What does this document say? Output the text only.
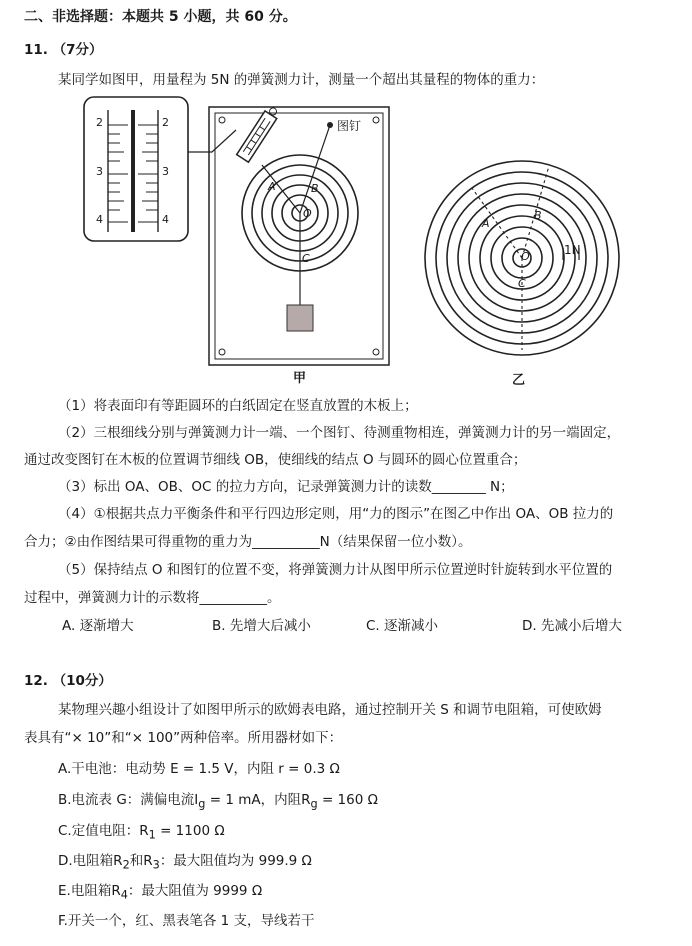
二、非选择题：本题共 5 小题，共 60 分。
11. （7分）
某同学如图甲，用量程为 5N 的弹簧测力计，测量一个超出其量程的物体的重力：
2
3
4
2
3
4
图钉
A	B
O
C
A
B
O
C
1N
甲	乙
（1）将表面印有等距圆环的白纸固定在竖直放置的木板上；
（2）三根细线分别与弹簧测力计一端、一个图钉、待测重物相连，弹簧测力计的另一端固定，
通过改变图钉在木板的位置调节细线 OB，使细线的结点 O 与圆环的圆心位置重合；
（3）标出 OA、OB、OC 的拉力方向，记录弹簧测力计的读数________ N；
（4）①根据共点力平衡条件和平行四边形定则，用“力的图示”在图乙中作出 OA、OB 拉力的
合力；②由作图结果可得重物的重力为__________N（结果保留一位小数）。
（5）保持结点 O 和图钉的位置不变，将弹簧测力计从图甲所示位置逆时针旋转到水平位置的
过程中，弹簧测力计的示数将__________。
A. 逐渐增大	B. 先增大后减小	C. 逐渐减小	D. 先减小后增大
12. （10分）
某物理兴趣小组设计了如图甲所示的欧姆表电路，通过控制开关 S 和调节电阻箱，可使欧姆
表具有“× 10”和“× 100”两种倍率。所用器材如下：
A.干电池：电动势 E = 1.5 V，内阻 r = 0.3 Ω
B.电流表 G：满偏电流$I_g = 1$ mA，内阻$R_g = 160$ Ω
C.定值电阻：$R_1 = 1100$ Ω
D.电阻箱$R_2$和$R_3$：最大阻值均为 999.9 Ω
E.电阻箱$R_4$：最大阻值为 9999 Ω
F.开关一个，红、黑表笔各 1 支，导线若干
